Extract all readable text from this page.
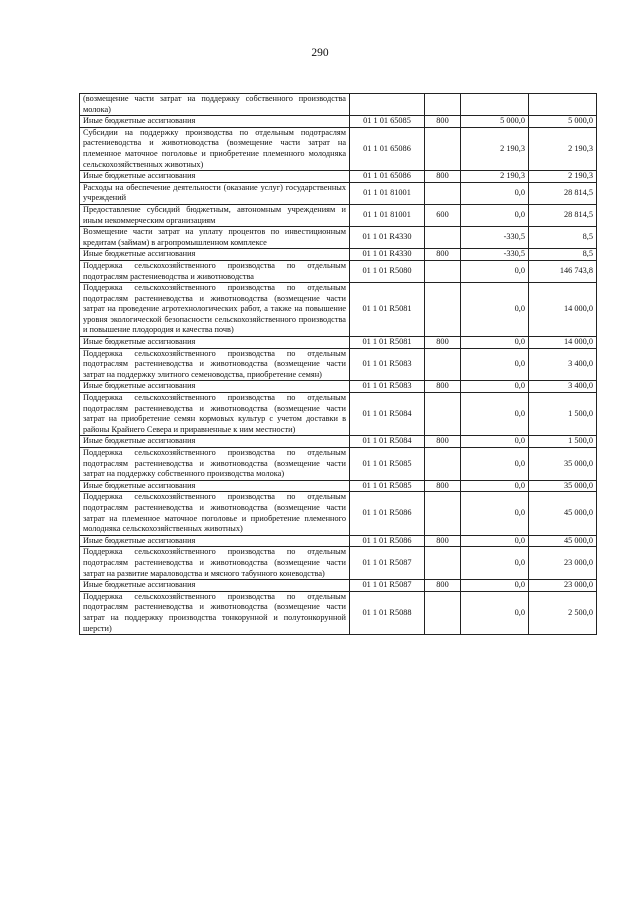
290
(возмещение части затрат на поддержку собственного производства молока)				
Иные бюджетные ассигнования	01 1 01 65085	800	5 000,0	5 000,0
Субсидии на поддержку производства по отдельным подотраслям растениеводства и животноводства (возмещение части затрат на племенное маточное поголовье и приобретение племенного молодняка сельскохозяйственных животных)	01 1 01 65086		2 190,3	2 190,3
Иные бюджетные ассигнования	01 1 01 65086	800	2 190,3	2 190,3
Расходы на обеспечение деятельности (оказание услуг) государственных учреждений	01 1 01 81001		0,0	28 814,5
Предоставление субсидий бюджетным, автономным учреждениям и иным некоммерческим организациям	01 1 01 81001	600	0,0	28 814,5
Возмещение части затрат на уплату процентов по инвестиционным кредитам (займам) в агропромышленном комплексе	01 1 01 R4330		-330,5	8,5
Иные бюджетные ассигнования	01 1 01 R4330	800	-330,5	8,5
Поддержка сельскохозяйственного производства по отдельным подотраслям растениеводства и животноводства	01 1 01 R5080		0,0	146 743,8
Поддержка сельскохозяйственного производства по отдельным подотраслям растениеводства и животноводства (возмещение части затрат на проведение агротехнологических работ, а также на повышение уровня экологической безопасности сельскохозяйственного производства и повышение плодородия и качества почв)	01 1 01 R5081		0,0	14 000,0
Иные бюджетные ассигнования	01 1 01 R5081	800	0,0	14 000,0
Поддержка сельскохозяйственного производства по отдельным подотраслям растениеводства и животноводства (возмещение части затрат на поддержку элитного семеноводства, приобретение семян)	01 1 01 R5083		0,0	3 400,0
Иные бюджетные ассигнования	01 1 01 R5083	800	0,0	3 400,0
Поддержка сельскохозяйственного производства по отдельным подотраслям растениеводства и животноводства (возмещение части затрат на приобретение семян кормовых культур с учетом доставки в районы Крайнего Севера и приравненные к ним местности)	01 1 01 R5084		0,0	1 500,0
Иные бюджетные ассигнования	01 1 01 R5084	800	0,0	1 500,0
Поддержка сельскохозяйственного производства по отдельным подотраслям растениеводства и животноводства (возмещение части затрат на поддержку собственного производства молока)	01 1 01 R5085		0,0	35 000,0
Иные бюджетные ассигнования	01 1 01 R5085	800	0,0	35 000,0
Поддержка сельскохозяйственного производства по отдельным подотраслям растениеводства и животноводства (возмещение части затрат на племенное маточное поголовье и приобретение племенного молодняка сельскохозяйственных животных)	01 1 01 R5086		0,0	45 000,0
Иные бюджетные ассигнования	01 1 01 R5086	800	0,0	45 000,0
Поддержка сельскохозяйственного производства по отдельным подотраслям растениеводства и животноводства (возмещение части затрат на развитие мараловодства и мясного табунного коневодства)	01 1 01 R5087		0,0	23 000,0
Иные бюджетные ассигнования	01 1 01 R5087	800	0,0	23 000,0
Поддержка сельскохозяйственного производства по отдельным подотраслям растениеводства и животноводства (возмещение части затрат на поддержку производства тонкорунной и полутонкорунной шерсти)	01 1 01 R5088		0,0	2 500,0
